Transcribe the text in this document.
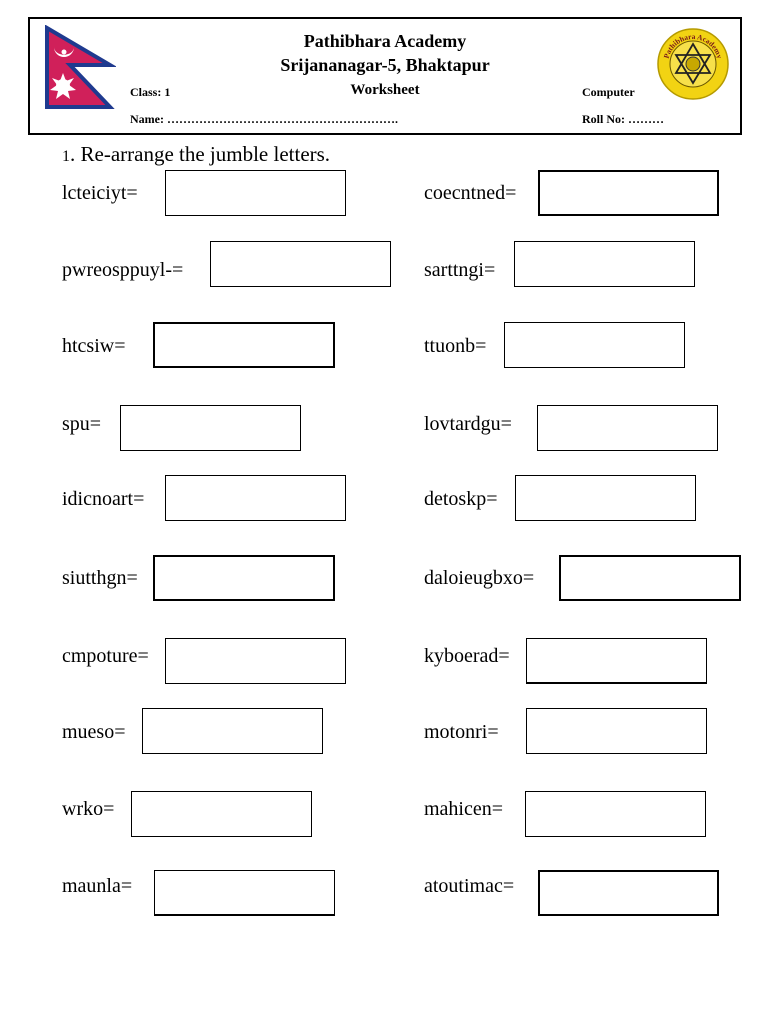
Pathibhara Academy
Srijananagar-5, Bhaktapur
Worksheet
Class: 1	Computer
Name: ………………………………………………….	Roll No: ………
Pathibhara Academy
1. Re-arrange the jumble letters.
lcteiciyt=	coecntned=
pwreosppuyl-=	sarttngi=
htcsiw=	ttuonb=
spu=	lovtardgu=
idicnoart=	detoskp=
siutthgn=	daloieugbxo=
cmpoture=	kyboerad=
mueso=	motonri=
wrko=	mahicen=
maunla=	atoutimac=
